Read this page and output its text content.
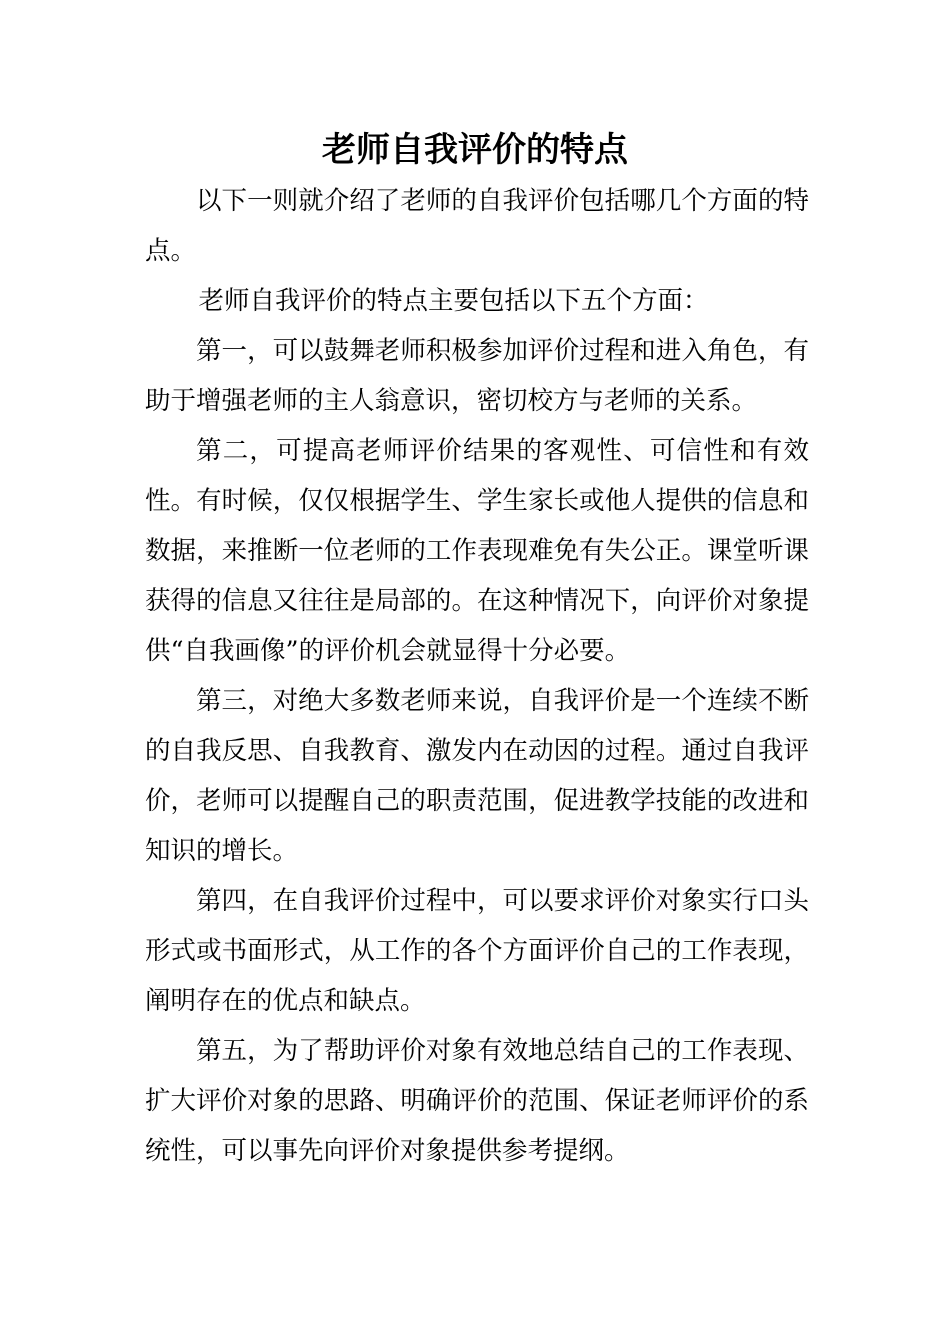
老师自我评价的特点

以下一则就介绍了老师的自我评价包括哪几个方面的特点。

老师自我评价的特点主要包括以下五个方面：

第一，可以鼓舞老师积极参加评价过程和进入角色，有助于增强老师的主人翁意识，密切校方与老师的关系。

第二，可提高老师评价结果的客观性、可信性和有效性。有时候，仅仅根据学生、学生家长或他人提供的信息和数据，来推断一位老师的工作表现难免有失公正。课堂听课获得的信息又往往是局部的。在这种情况下，向评价对象提供“自我画像”的评价机会就显得十分必要。

第三，对绝大多数老师来说，自我评价是一个连续不断的自我反思、自我教育、激发内在动因的过程。通过自我评价，老师可以提醒自己的职责范围，促进教学技能的改进和知识的增长。

第四，在自我评价过程中，可以要求评价对象实行口头形式或书面形式，从工作的各个方面评价自己的工作表现，阐明存在的优点和缺点。

第五，为了帮助评价对象有效地总结自己的工作表现、扩大评价对象的思路、明确评价的范围、保证老师评价的系统性，可以事先向评价对象提供参考提纲。
